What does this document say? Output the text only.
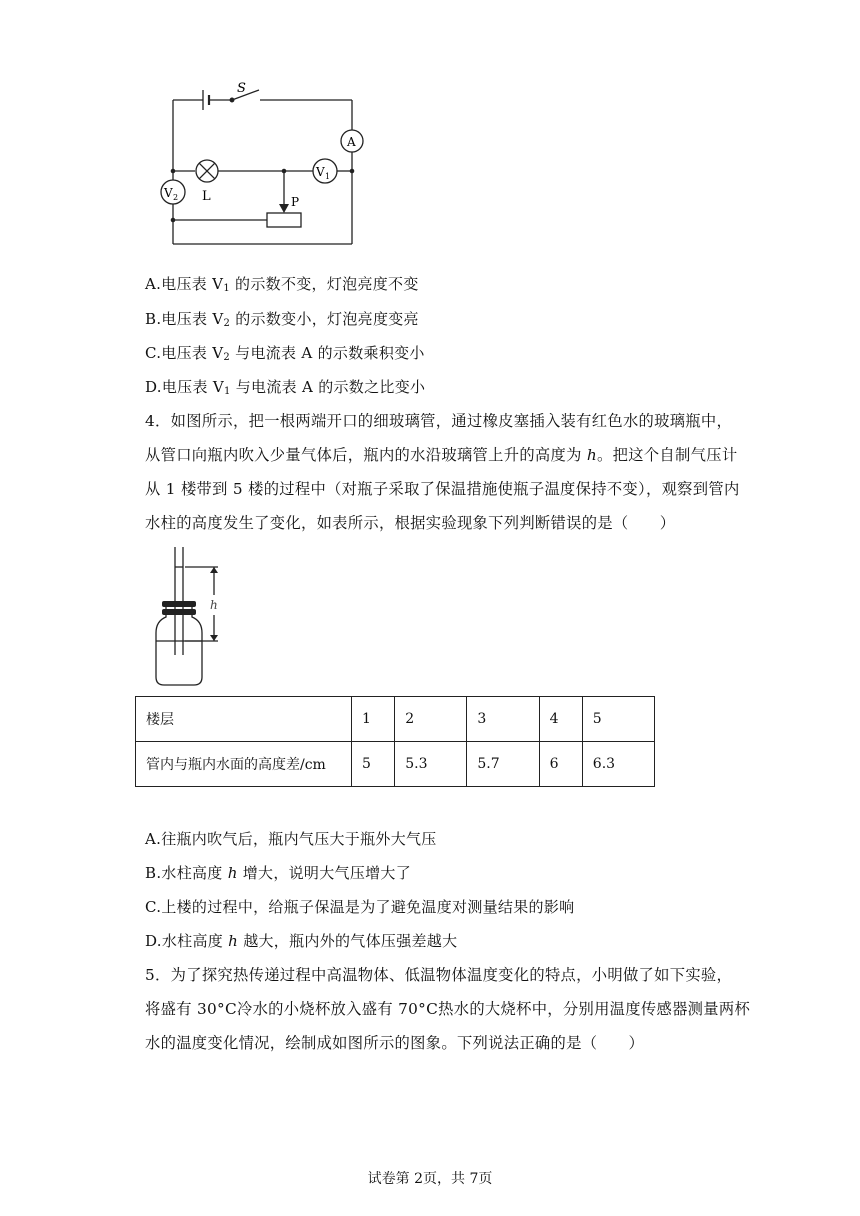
S
A
V 1
V 2 L	P
A.电压表 $V_1$ 的示数不变，灯泡亮度不变
B.电压表 $V_2$ 的示数变小，灯泡亮度变亮
C.电压表 $V_2$ 与电流表 A 的示数乘积变小
D.电压表 $V_1$ 与电流表 A 的示数之比变小
4．如图所示，把一根两端开口的细玻璃管，通过橡皮塞插入装有红色水的玻璃瓶中，
从管口向瓶内吹入少量气体后，瓶内的水沿玻璃管上升的高度为 h。把这个自制气压计
从 1 楼带到 5 楼的过程中（对瓶子采取了保温措施使瓶子温度保持不变），观察到管内
水柱的高度发生了变化，如表所示，根据实验现象下列判断错误的是（　　）
h
楼层	1	2	3	4	5
管内与瓶内水面的高度差/cm	5	5.3	5.7	6	6.3
A.往瓶内吹气后，瓶内气压大于瓶外大气压
B.水柱高度 h 增大，说明大气压增大了
C.上楼的过程中，给瓶子保温是为了避免温度对测量结果的影响
D.水柱高度 h 越大，瓶内外的气体压强差越大
5．为了探究热传递过程中高温物体、低温物体温度变化的特点，小明做了如下实验，
将盛有 30°C冷水的小烧杯放入盛有 70°C热水的大烧杯中，分别用温度传感器测量两杯
水的温度变化情况，绘制成如图所示的图象。下列说法正确的是（　　）
试卷第 2页，共 7页
